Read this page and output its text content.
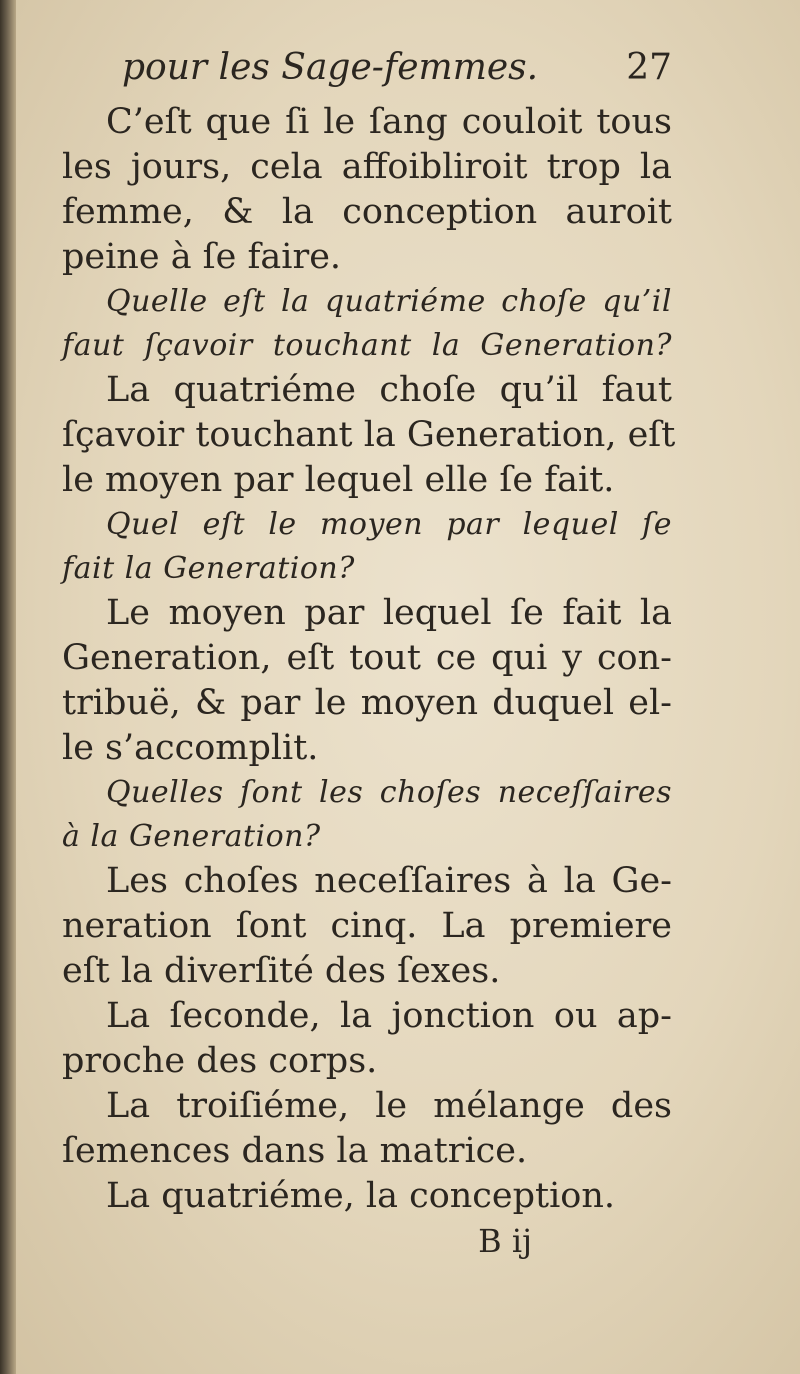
pour les Sage-femmes. 27
C’eſt que ſi le ſang couloit tous
les jours, cela affoibliroit trop la
femme, & la conception auroit
peine à ſe faire.
Quelle eſt la quatriéme choſe qu’il
faut ſçavoir touchant la Generation?
La quatriéme choſe qu’il faut
ſçavoir touchant la Generation, eſt
le moyen par lequel elle ſe fait.
Quel eſt le moyen par lequel ſe
fait la Generation?
Le moyen par lequel ſe fait la
Generation, eſt tout ce qui y con-
tribuë, & par le moyen duquel el-
le s’accomplit.
Quelles ſont les choſes neceſſaires
à la Generation?
Les choſes neceſſaires à la Ge-
neration ſont cinq. La premiere
eſt la diverſité des ſexes.
La ſeconde, la jonction ou ap-
proche des corps.
La troiſiéme, le mélange des
ſemences dans la matrice.
La quatriéme, la conception.
B ij
